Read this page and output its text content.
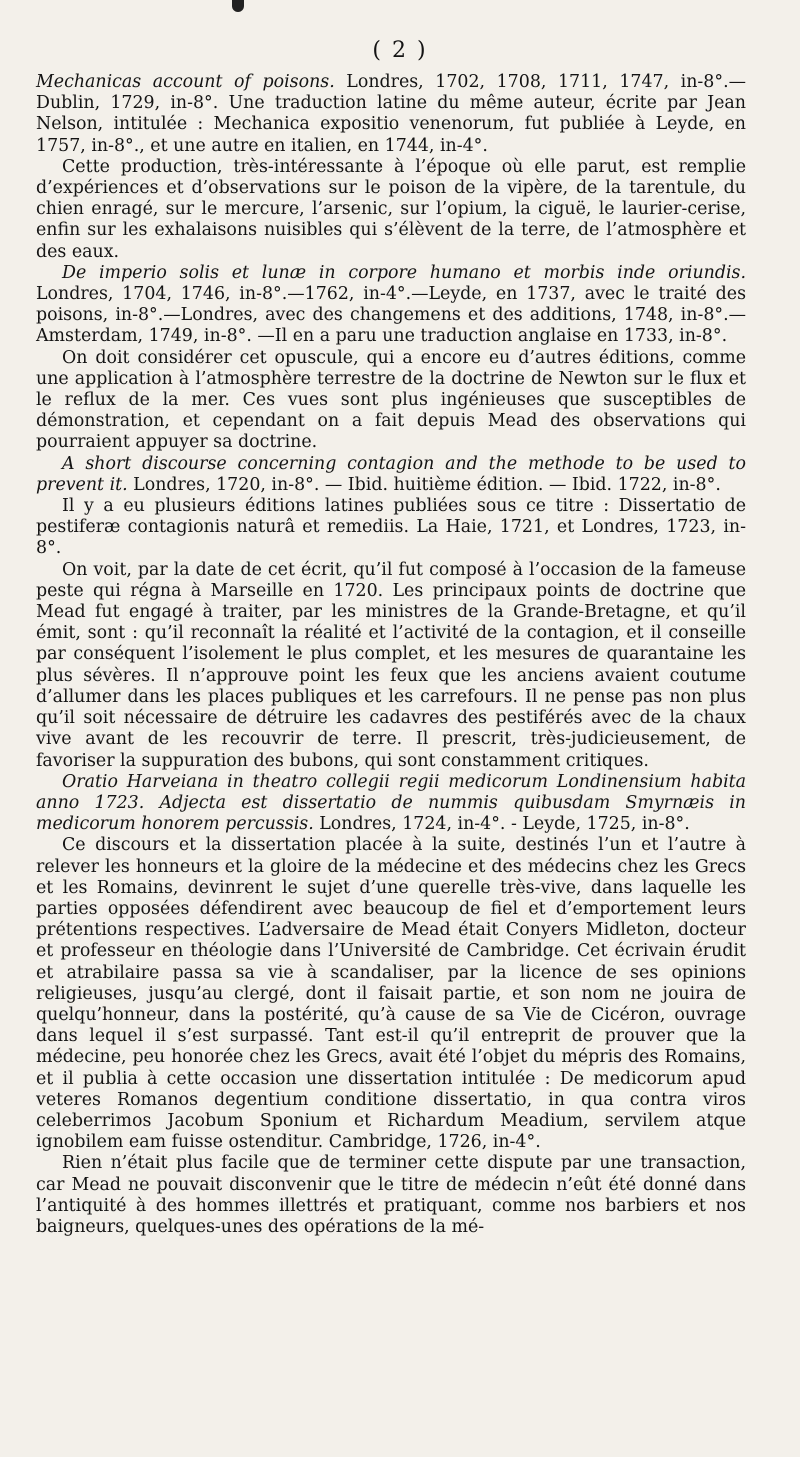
( 2 )

Mechanicas account of poisons. Londres, 1702, 1708, 1711, 1747, in-8°.—Dublin, 1729, in-8°. Une traduction latine du même auteur, écrite par Jean Nelson, intitulée : Mechanica expositio venenorum, fut publiée à Leyde, en 1757, in-8°., et une autre en italien, en 1744, in-4°.

Cette production, très-intéressante à l’époque où elle parut, est remplie d’expériences et d’observations sur le poison de la vipère, de la tarentule, du chien enragé, sur le mercure, l’arsenic, sur l’opium, la ciguë, le laurier-cerise, enfin sur les exhalaisons nuisibles qui s’élèvent de la terre, de l’atmosphère et des eaux.

De imperio solis et lunæ in corpore humano et morbis inde oriundis. Londres, 1704, 1746, in-8°.—1762, in-4°.—Leyde, en 1737, avec le traité des poisons, in-8°.—Londres, avec des changemens et des additions, 1748, in-8°.— Amsterdam, 1749, in-8°. —Il en a paru une traduction anglaise en 1733, in-8°.

On doit considérer cet opuscule, qui a encore eu d’autres éditions, comme une application à l’atmosphère terrestre de la doctrine de Newton sur le flux et le reflux de la mer. Ces vues sont plus ingénieuses que susceptibles de démonstration, et cependant on a fait depuis Mead des observations qui pourraient appuyer sa doctrine.

A short discourse concerning contagion and the methode to be used to prevent it. Londres, 1720, in-8°. — Ibid. huitième édition. — Ibid. 1722, in-8°.

Il y a eu plusieurs éditions latines publiées sous ce titre : Dissertatio de pestiferæ contagionis naturâ et remediis. La Haie, 1721, et Londres, 1723, in-8°.

On voit, par la date de cet écrit, qu’il fut composé à l’occasion de la fameuse peste qui régna à Marseille en 1720. Les principaux points de doctrine que Mead fut engagé à traiter, par les ministres de la Grande-Bretagne, et qu’il émit, sont : qu’il reconnaît la réalité et l’activité de la contagion, et il conseille par conséquent l’isolement le plus complet, et les mesures de quarantaine les plus sévères. Il n’approuve point les feux que les anciens avaient coutume d’allumer dans les places publiques et les carrefours. Il ne pense pas non plus qu’il soit nécessaire de détruire les cadavres des pestiférés avec de la chaux vive avant de les recouvrir de terre. Il prescrit, très-judicieusement, de favoriser la suppuration des bubons, qui sont constamment critiques.

Oratio Harveiana in theatro collegii regii medicorum Londinensium habita anno 1723. Adjecta est dissertatio de nummis quibusdam Smyrnæis in medicorum honorem percussis. Londres, 1724, in-4°. - Leyde, 1725, in-8°.

Ce discours et la dissertation placée à la suite, destinés l’un et l’autre à relever les honneurs et la gloire de la médecine et des médecins chez les Grecs et les Romains, devinrent le sujet d’une querelle très-vive, dans laquelle les parties opposées défendirent avec beaucoup de fiel et d’emportement leurs prétentions respectives. L’adversaire de Mead était Conyers Midleton, docteur et professeur en théologie dans l’Université de Cambridge. Cet écrivain érudit et atrabilaire passa sa vie à scandaliser, par la licence de ses opinions religieuses, jusqu’au clergé, dont il faisait partie, et son nom ne jouira de quelqu’honneur, dans la postérité, qu’à cause de sa Vie de Cicéron, ouvrage dans lequel il s’est surpassé. Tant est-il qu’il entreprit de prouver que la médecine, peu honorée chez les Grecs, avait été l’objet du mépris des Romains, et il publia à cette occasion une dissertation intitulée : De medicorum apud veteres Romanos degentium conditione dissertatio, in qua contra viros celeberrimos Jacobum Sponium et Richardum Meadium, servilem atque ignobilem eam fuisse ostenditur. Cambridge, 1726, in-4°.

Rien n’était plus facile que de terminer cette dispute par une transaction, car Mead ne pouvait disconvenir que le titre de médecin n’eût été donné dans l’antiquité à des hommes illettrés et pratiquant, comme nos barbiers et nos baigneurs, quelques-unes des opérations de la mé-
